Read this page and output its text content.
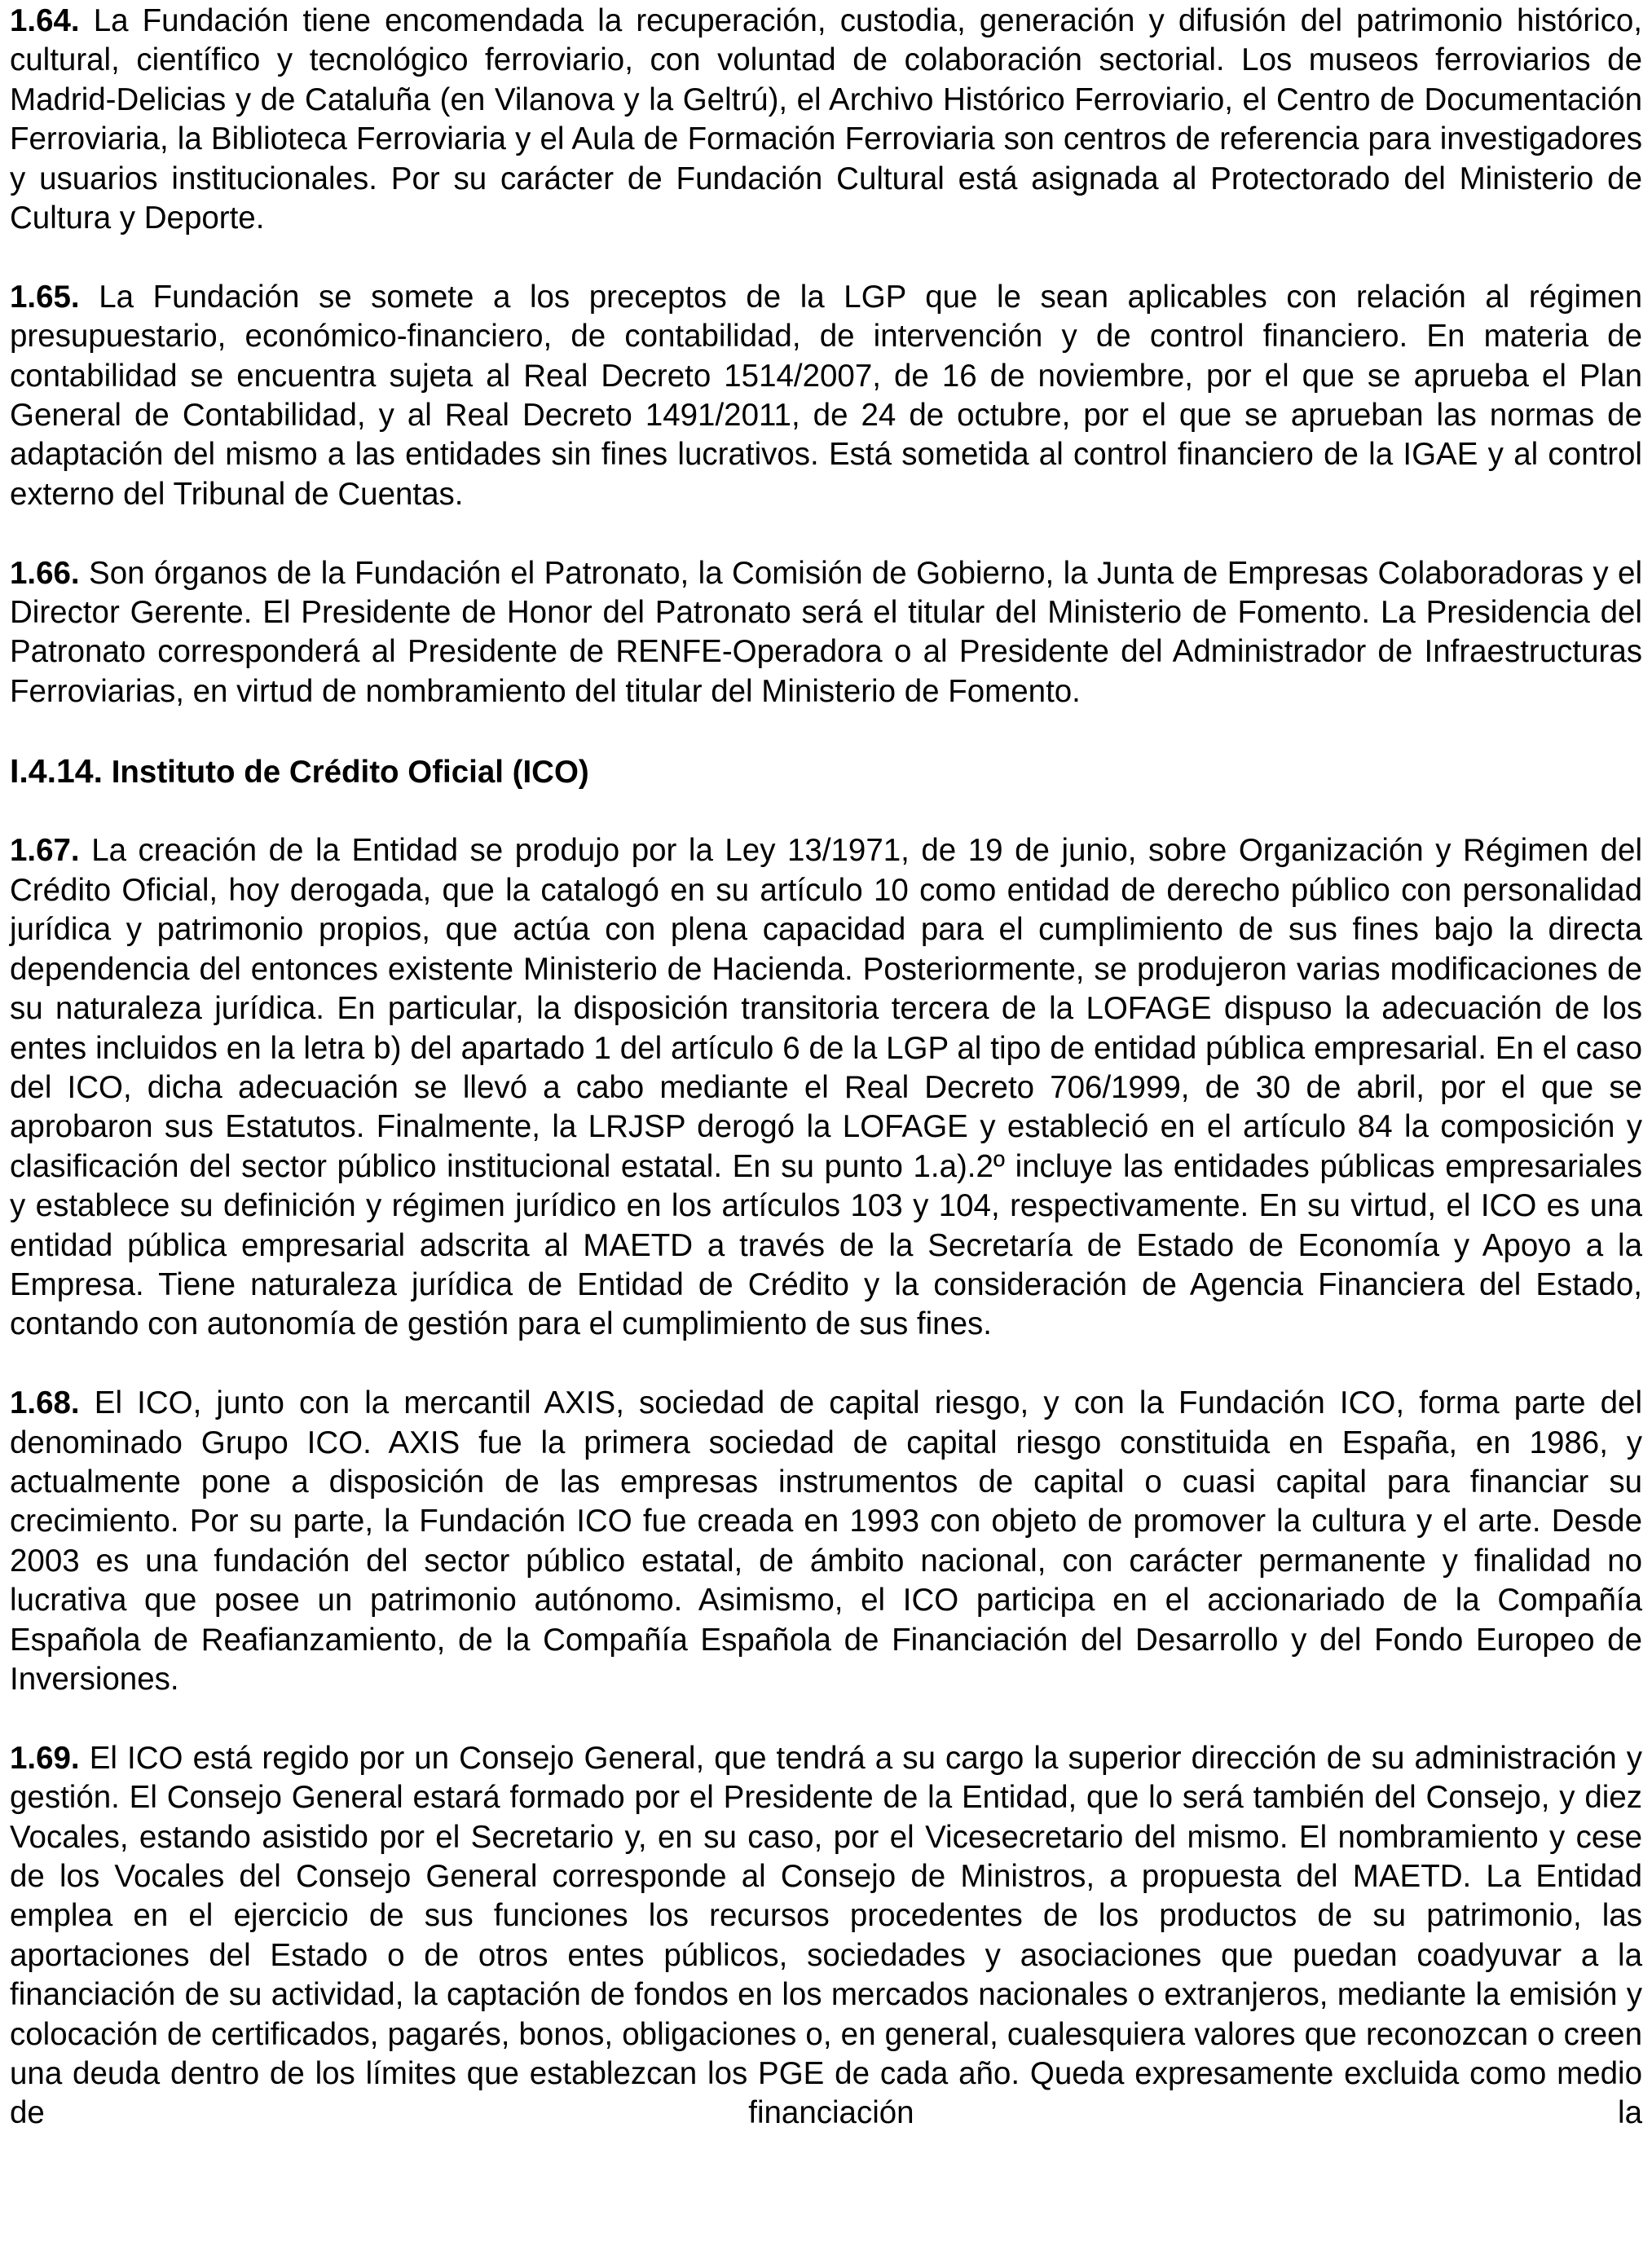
1.64. La Fundación tiene encomendada la recuperación, custodia, generación y difusión del patrimonio histórico, cultural, científico y tecnológico ferroviario, con voluntad de colaboración sectorial. Los museos ferroviarios de Madrid-Delicias y de Cataluña (en Vilanova y la Geltrú), el Archivo Histórico Ferroviario, el Centro de Documentación Ferroviaria, la Biblioteca Ferroviaria y el Aula de Formación Ferroviaria son centros de referencia para investigadores y usuarios institucionales. Por su carácter de Fundación Cultural está asignada al Protectorado del Ministerio de Cultura y Deporte.

1.65. La Fundación se somete a los preceptos de la LGP que le sean aplicables con relación al régimen presupuestario, económico-financiero, de contabilidad, de intervención y de control financiero. En materia de contabilidad se encuentra sujeta al Real Decreto 1514/2007, de 16 de noviembre, por el que se aprueba el Plan General de Contabilidad, y al Real Decreto 1491/2011, de 24 de octubre, por el que se aprueban las normas de adaptación del mismo a las entidades sin fines lucrativos. Está sometida al control financiero de la IGAE y al control externo del Tribunal de Cuentas.

1.66. Son órganos de la Fundación el Patronato, la Comisión de Gobierno, la Junta de Empresas Colaboradoras y el Director Gerente. El Presidente de Honor del Patronato será el titular del Ministerio de Fomento. La Presidencia del Patronato corresponderá al Presidente de RENFE-Operadora o al Presidente del Administrador de Infraestructuras Ferroviarias, en virtud de nombramiento del titular del Ministerio de Fomento.

I.4.14. Instituto de Crédito Oficial (ICO)

1.67. La creación de la Entidad se produjo por la Ley 13/1971, de 19 de junio, sobre Organización y Régimen del Crédito Oficial, hoy derogada, que la catalogó en su artículo 10 como entidad de derecho público con personalidad jurídica y patrimonio propios, que actúa con plena capacidad para el cumplimiento de sus fines bajo la directa dependencia del entonces existente Ministerio de Hacienda. Posteriormente, se produjeron varias modificaciones de su naturaleza jurídica. En particular, la disposición transitoria tercera de la LOFAGE dispuso la adecuación de los entes incluidos en la letra b) del apartado 1 del artículo 6 de la LGP al tipo de entidad pública empresarial. En el caso del ICO, dicha adecuación se llevó a cabo mediante el Real Decreto 706/1999, de 30 de abril, por el que se aprobaron sus Estatutos. Finalmente, la LRJSP derogó la LOFAGE y estableció en el artículo 84 la composición y clasificación del sector público institucional estatal. En su punto 1.a).2º incluye las entidades públicas empresariales y establece su definición y régimen jurídico en los artículos 103 y 104, respectivamente. En su virtud, el ICO es una entidad pública empresarial adscrita al MAETD a través de la Secretaría de Estado de Economía y Apoyo a la Empresa. Tiene naturaleza jurídica de Entidad de Crédito y la consideración de Agencia Financiera del Estado, contando con autonomía de gestión para el cumplimiento de sus fines.

1.68. El ICO, junto con la mercantil AXIS, sociedad de capital riesgo, y con la Fundación ICO, forma parte del denominado Grupo ICO. AXIS fue la primera sociedad de capital riesgo constituida en España, en 1986, y actualmente pone a disposición de las empresas instrumentos de capital o cuasi capital para financiar su crecimiento. Por su parte, la Fundación ICO fue creada en 1993 con objeto de promover la cultura y el arte. Desde 2003 es una fundación del sector público estatal, de ámbito nacional, con carácter permanente y finalidad no lucrativa que posee un patrimonio autónomo. Asimismo, el ICO participa en el accionariado de la Compañía Española de Reafianzamiento, de la Compañía Española de Financiación del Desarrollo y del Fondo Europeo de Inversiones.

1.69. El ICO está regido por un Consejo General, que tendrá a su cargo la superior dirección de su administración y gestión. El Consejo General estará formado por el Presidente de la Entidad, que lo será también del Consejo, y diez Vocales, estando asistido por el Secretario y, en su caso, por el Vicesecretario del mismo. El nombramiento y cese de los Vocales del Consejo General corresponde al Consejo de Ministros, a propuesta del MAETD. La Entidad emplea en el ejercicio de sus funciones los recursos procedentes de los productos de su patrimonio, las aportaciones del Estado o de otros entes públicos, sociedades y asociaciones que puedan coadyuvar a la financiación de su actividad, la captación de fondos en los mercados nacionales o extranjeros, mediante la emisión y colocación de certificados, pagarés, bonos, obligaciones o, en general, cualesquiera valores que reconozcan o creen una deuda dentro de los límites que establezcan los PGE de cada año. Queda expresamente excluida como medio de financiación la
